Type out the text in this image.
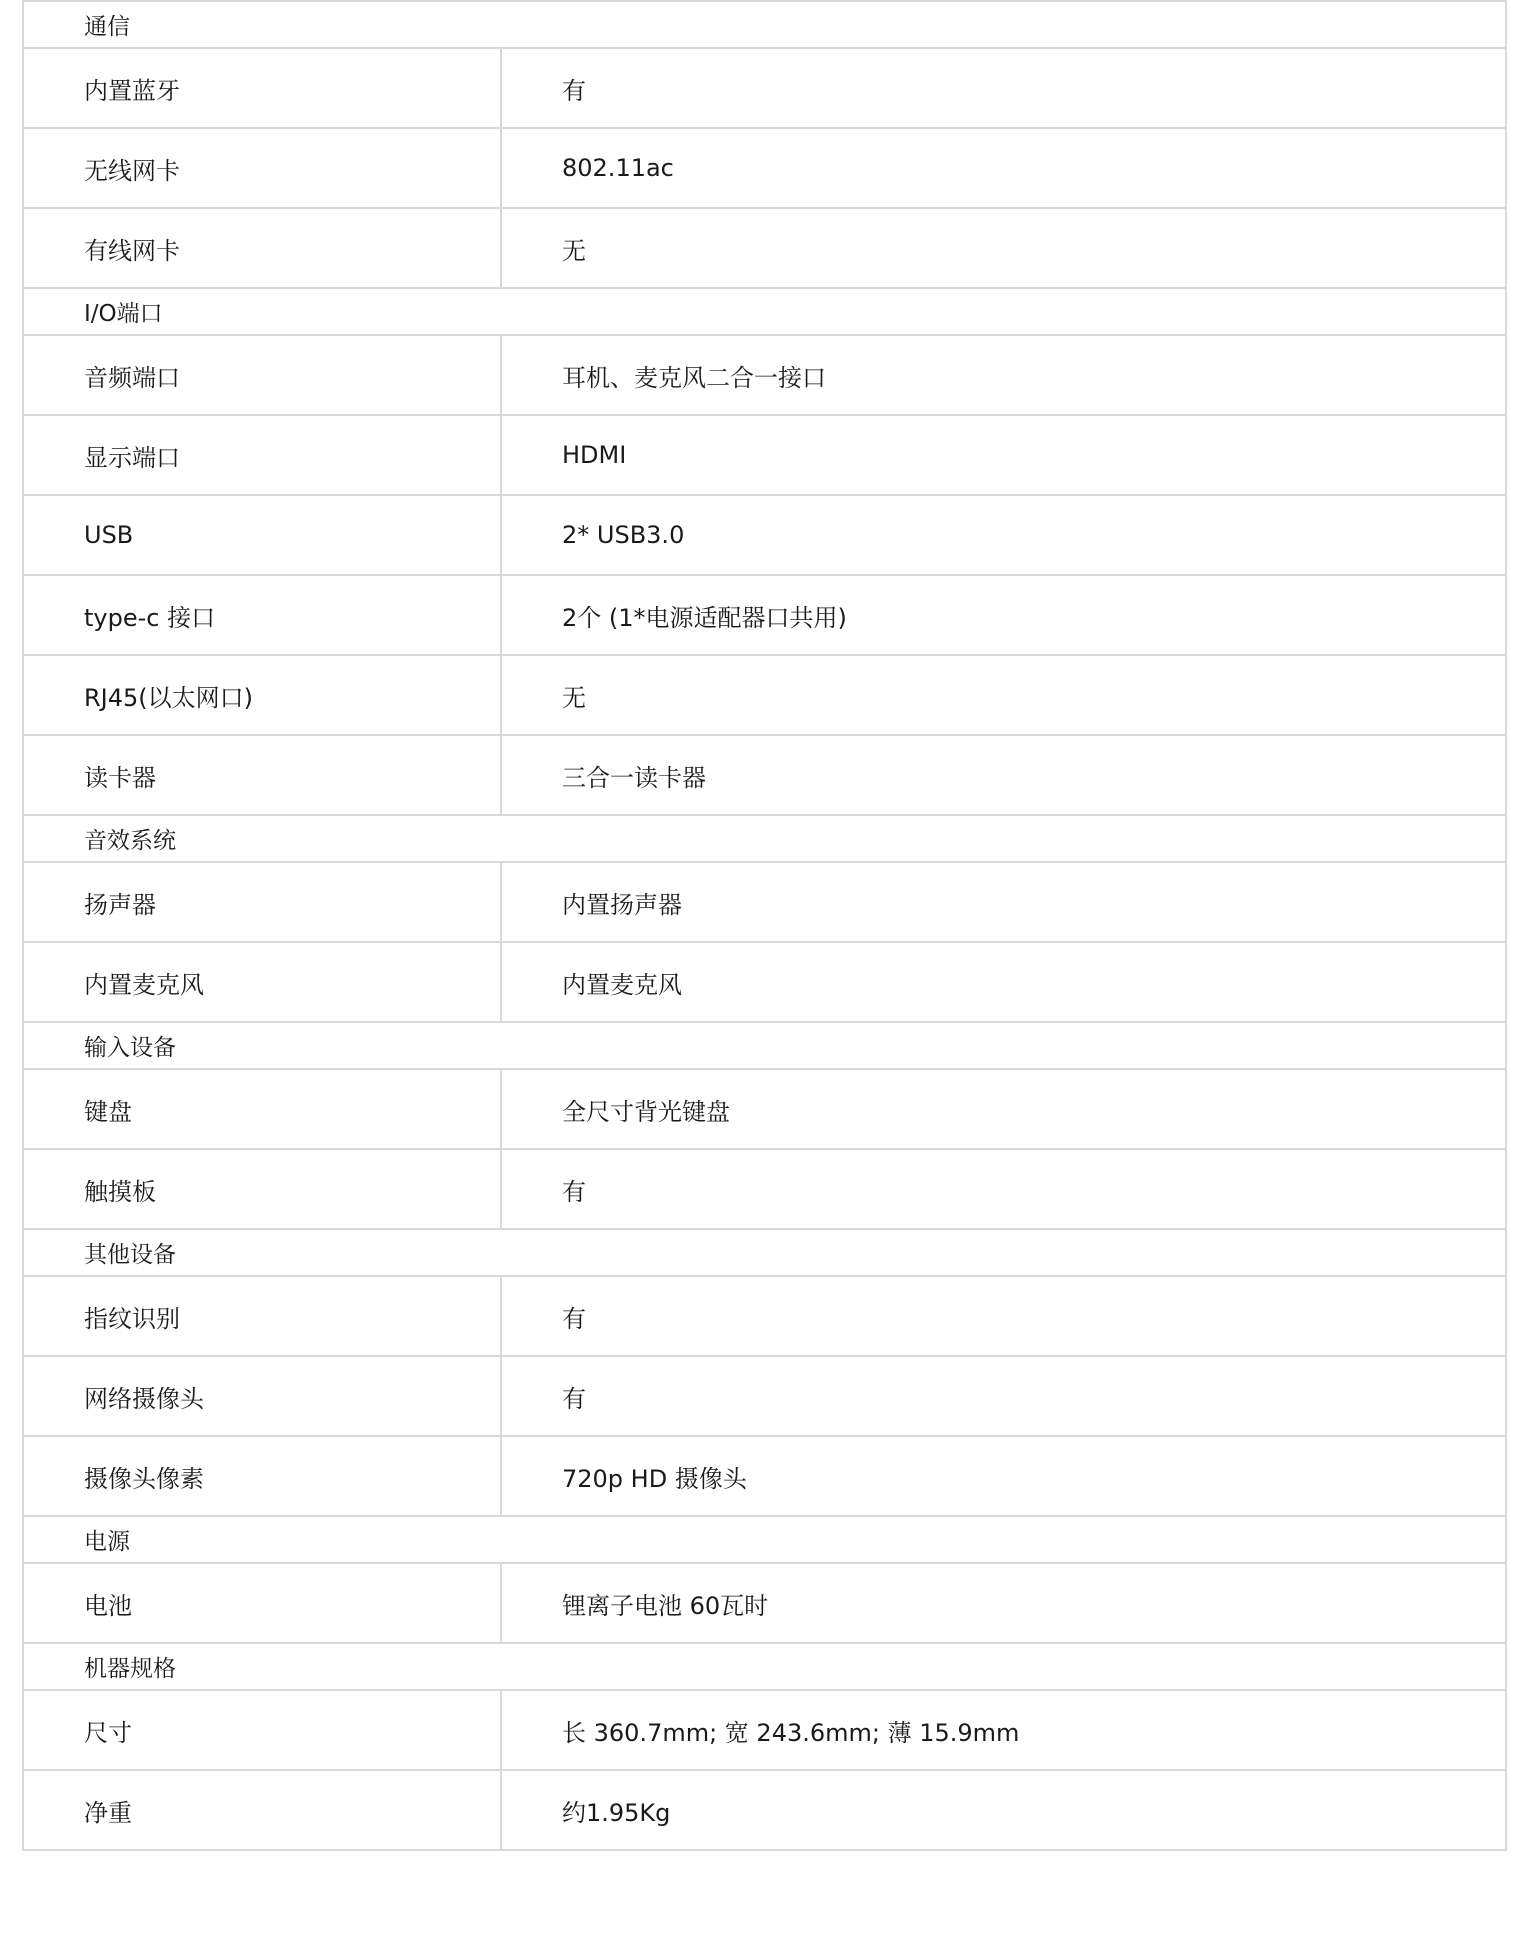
通信	
内置蓝牙	有
无线网卡	802.11ac
有线网卡	无
I/O端口	
音频端口	耳机、麦克风二合一接口
显示端口	HDMI
USB	2* USB3.0
type-c 接口	2个 (1*电源适配器口共用)
RJ45(以太网口)	无
读卡器	三合一读卡器
音效系统	
扬声器	内置扬声器
内置麦克风	内置麦克风
输入设备	
键盘	全尺寸背光键盘
触摸板	有
其他设备	
指纹识别	有
网络摄像头	有
摄像头像素	720p HD 摄像头
电源	
电池	锂离子电池 60瓦时
机器规格	
尺寸	长 360.7mm; 宽 243.6mm; 薄 15.9mm
净重	约1.95Kg
